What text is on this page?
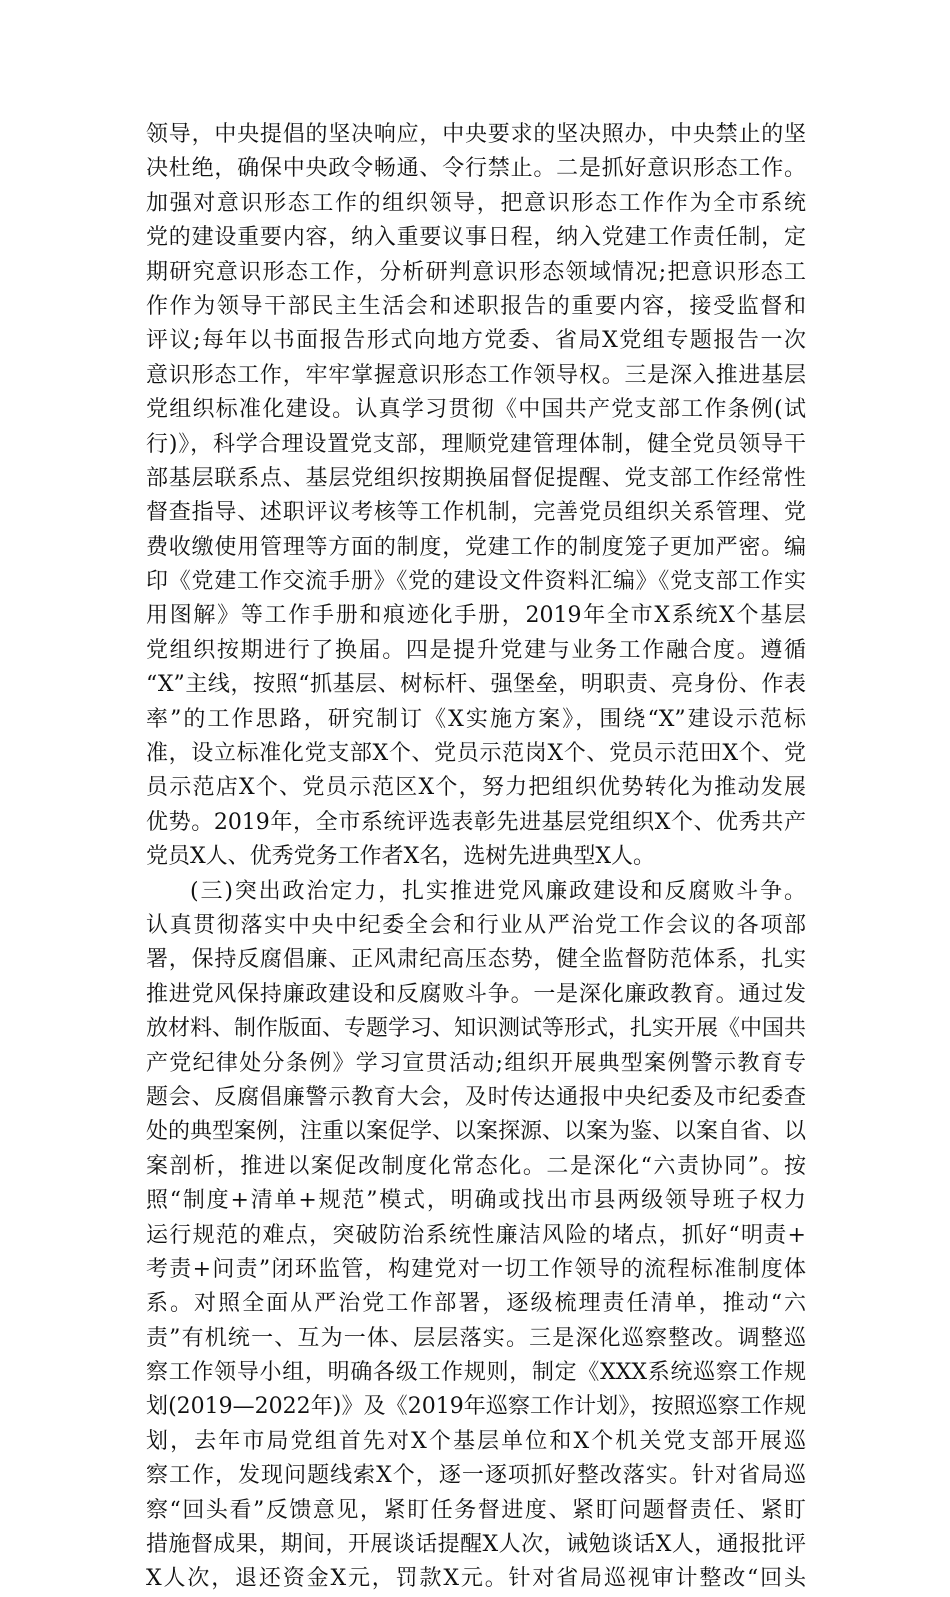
领导，中央提倡的坚决响应，中央要求的坚决照办，中央禁止的坚
决杜绝，确保中央政令畅通、令行禁止。二是抓好意识形态工作。
加强对意识形态工作的组织领导，把意识形态工作作为全市系统
党的建设重要内容，纳入重要议事日程，纳入党建工作责任制，定
期研究意识形态工作，分析研判意识形态领域情况;把意识形态工
作作为领导干部民主生活会和述职报告的重要内容，接受监督和
评议;每年以书面报告形式向地方党委、省局X党组专题报告一次
意识形态工作，牢牢掌握意识形态工作领导权。三是深入推进基层
党组织标准化建设。认真学习贯彻《中国共产党支部工作条例(试
行)》，科学合理设置党支部，理顺党建管理体制，健全党员领导干
部基层联系点、基层党组织按期换届督促提醒、党支部工作经常性
督查指导、述职评议考核等工作机制，完善党员组织关系管理、党
费收缴使用管理等方面的制度，党建工作的制度笼子更加严密。编
印《党建工作交流手册》《党的建设文件资料汇编》《党支部工作实
用图解》等工作手册和痕迹化手册，2019年全市X系统X个基层
党组织按期进行了换届。四是提升党建与业务工作融合度。遵循
“X”主线，按照“抓基层、树标杆、强堡垒，明职责、亮身份、作表
率”的工作思路，研究制订《X实施方案》，围绕“X”建设示范标
准，设立标准化党支部X个、党员示范岗X个、党员示范田X个、党
员示范店X个、党员示范区X个，努力把组织优势转化为推动发展
优势。2019年，全市系统评选表彰先进基层党组织X个、优秀共产
党员X人、优秀党务工作者X名，选树先进典型X人。
(三)突出政治定力，扎实推进党风廉政建设和反腐败斗争。
认真贯彻落实中央中纪委全会和行业从严治党工作会议的各项部
署，保持反腐倡廉、正风肃纪高压态势，健全监督防范体系，扎实
推进党风保持廉政建设和反腐败斗争。一是深化廉政教育。通过发
放材料、制作版面、专题学习、知识测试等形式，扎实开展《中国共
产党纪律处分条例》学习宣贯活动;组织开展典型案例警示教育专
题会、反腐倡廉警示教育大会，及时传达通报中央纪委及市纪委查
处的典型案例，注重以案促学、以案探源、以案为鉴、以案自省、以
案剖析，推进以案促改制度化常态化。二是深化“六责协同”。按
照“制度+清单+规范”模式，明确或找出市县两级领导班子权力
运行规范的难点，突破防治系统性廉洁风险的堵点，抓好“明责+
考责+问责”闭环监管，构建党对一切工作领导的流程标准制度体
系。对照全面从严治党工作部署，逐级梳理责任清单，推动“六
责”有机统一、互为一体、层层落实。三是深化巡察整改。调整巡
察工作领导小组，明确各级工作规则，制定《XXX系统巡察工作规
划(2019—2022年)》及《2019年巡察工作计划》，按照巡察工作规
划，去年市局党组首先对X个基层单位和X个机关党支部开展巡
察工作，发现问题线索X个，逐一逐项抓好整改落实。针对省局巡
察“回头看”反馈意见，紧盯任务督进度、紧盯问题督责任、紧盯
措施督成果，期间，开展谈话提醒X人次，诫勉谈话X人，通报批评
X人次，退还资金X元，罚款X元。针对省局巡视审计整改“回头
